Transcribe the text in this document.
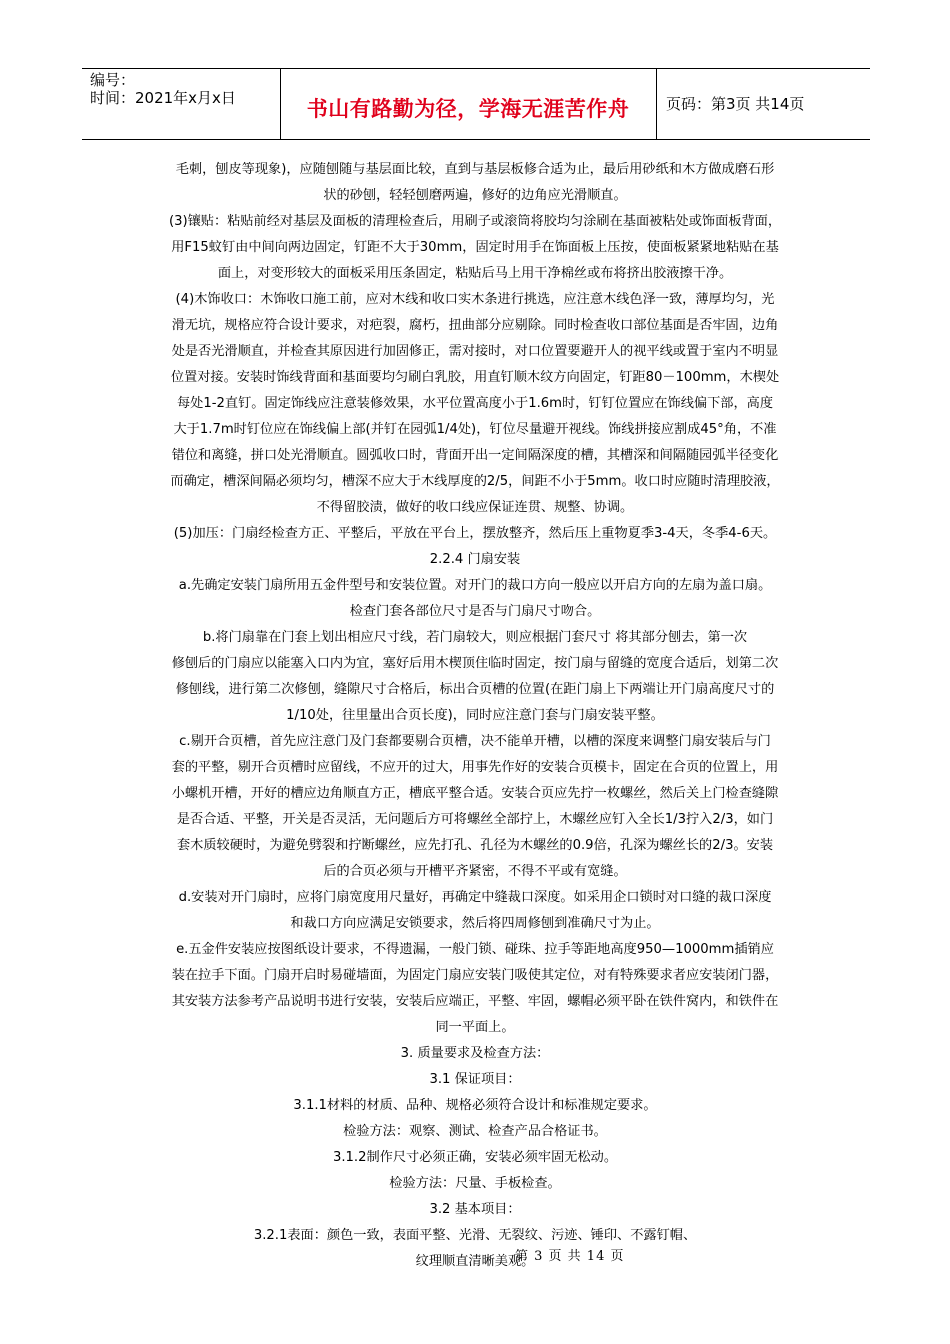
编号：
时间：2021年x月x日	书山有路勤为径，学海无涯苦作舟	页码：第3页 共14页

毛刺，刨皮等现象)，应随刨随与基层面比较，直到与基层板修合适为止，最后用砂纸和木方做成磨石形

状的砂刨，轻轻刨磨两遍，修好的边角应光滑顺直。

(3)镶贴：粘贴前经对基层及面板的清理检查后，用刷子或滚筒将胶均匀涂刷在基面被粘处或饰面板背面，

用F15蚊钉由中间向两边固定，钉距不大于30mm，固定时用手在饰面板上压按，使面板紧紧地粘贴在基

面上，对变形较大的面板采用压条固定，粘贴后马上用干净棉丝或布将挤出胶液擦干净。

(4)木饰收口：木饰收口施工前，应对木线和收口实木条进行挑选，应注意木线色泽一致，薄厚均匀，光

滑无坑，规格应符合设计要求，对疤裂，腐朽，扭曲部分应剔除。同时检查收口部位基面是否牢固，边角

处是否光滑顺直，并检查其原因进行加固修正，需对接时，对口位置要避开人的视平线或置于室内不明显

位置对接。安装时饰线背面和基面要均匀刷白乳胶，用直钉顺木纹方向固定，钉距80－100mm，木楔处

每处1-2直钉。固定饰线应注意装修效果，水平位置高度小于1.6m时，钉钉位置应在饰线偏下部，高度

大于1.7m时钉位应在饰线偏上部(并钉在园弧1/4处)，钉位尽量避开视线。饰线拼接应割成45°角，不准

错位和离缝，拼口处光滑顺直。圆弧收口时，背面开出一定间隔深度的槽，其槽深和间隔随园弧半径变化

而确定，槽深间隔必须均匀，槽深不应大于木线厚度的2/5，间距不小于5mm。收口时应随时清理胶液，

不得留胶渍，做好的收口线应保证连贯、规整、协调。

(5)加压：门扇经检查方正、平整后，平放在平台上，摆放整齐，然后压上重物夏季3-4天，冬季4-6天。

2.2.4 门扇安装

a.先确定安装门扇所用五金件型号和安装位置。对开门的裁口方向一般应以开启方向的左扇为盖口扇。

检查门套各部位尺寸是否与门扇尺寸吻合。

b.将门扇靠在门套上划出相应尺寸线，若门扇较大，则应根据门套尺寸 将其部分刨去，第一次

修刨后的门扇应以能塞入口内为宜，塞好后用木楔顶住临时固定，按门扇与留缝的宽度合适后，划第二次

修刨线，进行第二次修刨，缝隙尺寸合格后，标出合页槽的位置(在距门扇上下两端让开门扇高度尺寸的

1/10处，往里量出合页长度)，同时应注意门套与门扇安装平整。

c.剔开合页槽，首先应注意门及门套都要剔合页槽，决不能单开槽，以槽的深度来调整门扇安装后与门

套的平整，剔开合页槽时应留线，不应开的过大，用事先作好的安装合页模卡，固定在合页的位置上，用

小螺机开槽，开好的槽应边角顺直方正，槽底平整合适。安装合页应先拧一枚螺丝，然后关上门检查缝隙

是否合适、平整，开关是否灵活，无问题后方可将螺丝全部拧上，木螺丝应钉入全长1/3拧入2/3，如门

套木质较硬时，为避免劈裂和拧断螺丝，应先打孔、孔径为木螺丝的0.9倍，孔深为螺丝长的2/3。安装

后的合页必须与开槽平齐紧密，不得不平或有宽缝。

d.安装对开门扇时，应将门扇宽度用尺量好，再确定中缝裁口深度。如采用企口锁时对口缝的裁口深度

和裁口方向应满足安锁要求，然后将四周修刨到准确尺寸为止。

e.五金件安装应按图纸设计要求，不得遗漏，一般门锁、碰珠、拉手等距地高度950—1000mm插销应

装在拉手下面。门扇开启时易碰墙面，为固定门扇应安装门吸使其定位，对有特殊要求者应安装闭门器，

其安装方法参考产品说明书进行安装，安装后应端正，平整、牢固，螺帽必须平卧在铁件窝内，和铁件在

同一平面上。

3. 质量要求及检查方法：

3.1 保证项目：

3.1.1材料的材质、品种、规格必须符合设计和标准规定要求。

检验方法：观察、测试、检查产品合格证书。

3.1.2制作尺寸必须正确，安装必须牢固无松动。

检验方法：尺量、手板检查。

3.2 基本项目：

3.2.1表面：颜色一致，表面平整、光滑、无裂纹、污迹、锤印、不露钉帽、

纹理顺直清晰美观。

第 3 页 共 14 页
